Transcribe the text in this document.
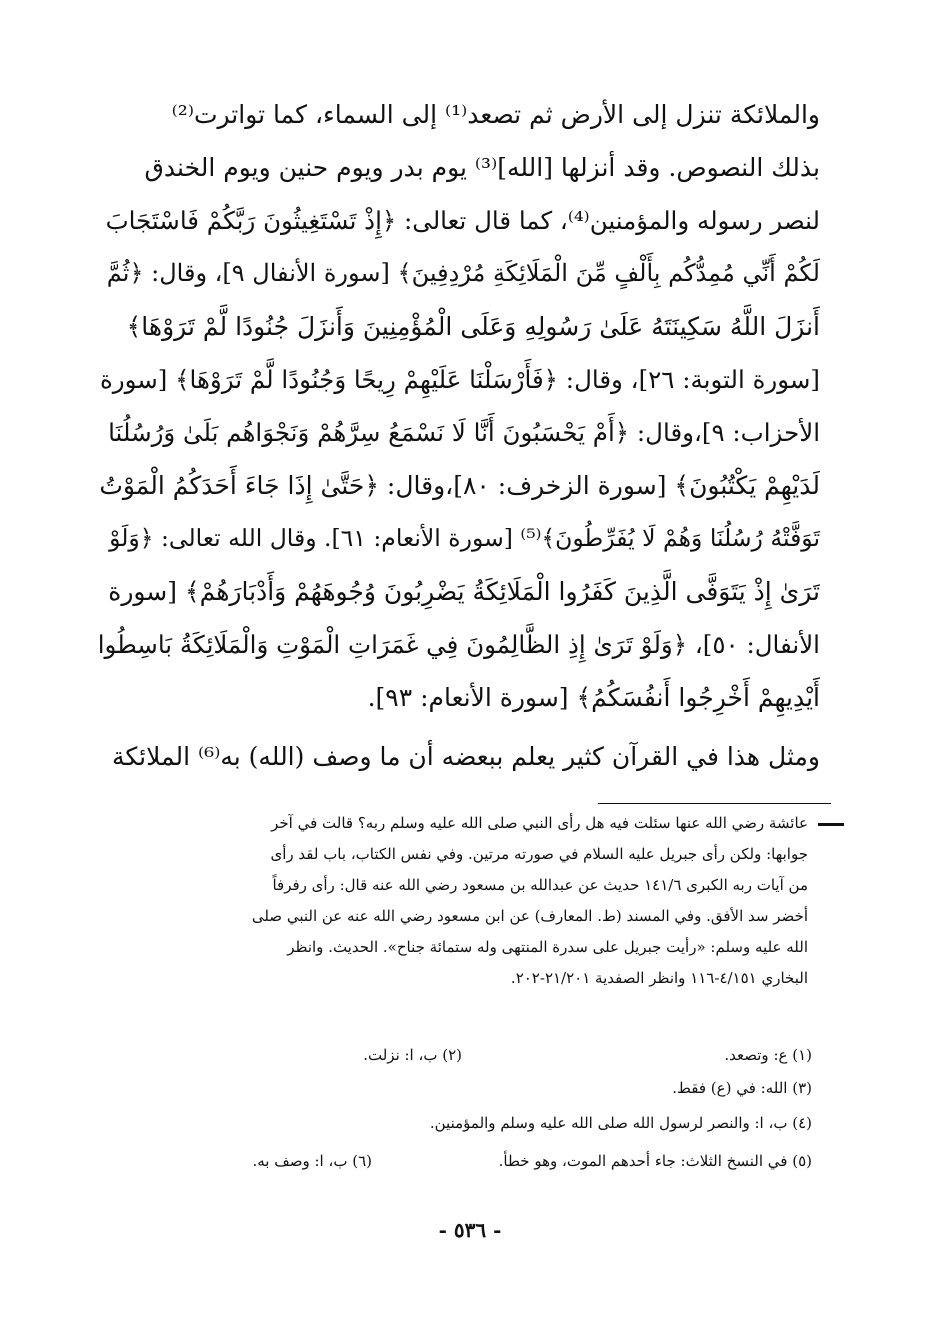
والملائكة تنزل إلى الأرض ثم تصعد⁽¹⁾ إلى السماء، كما تواترت⁽²⁾
بذلك النصوص. وقد أنزلها [الله]⁽³⁾ يوم بدر ويوم حنين ويوم الخندق
لنصر رسوله والمؤمنين⁽⁴⁾، كما قال تعالى: ﴿إِذْ تَسْتَغِيثُونَ رَبَّكُمْ فَاسْتَجَابَ
لَكُمْ أَنِّي مُمِدُّكُم بِأَلْفٍ مِّنَ الْمَلَائِكَةِ مُرْدِفِينَ﴾ [سورة الأنفال ٩]، وقال: ﴿ثُمَّ
أَنزَلَ اللَّهُ سَكِينَتَهُ عَلَىٰ رَسُولِهِ وَعَلَى الْمُؤْمِنِينَ وَأَنزَلَ جُنُودًا لَّمْ تَرَوْهَا﴾
[سورة التوبة: ٢٦]، وقال: ﴿فَأَرْسَلْنَا عَلَيْهِمْ رِيحًا وَجُنُودًا لَّمْ تَرَوْهَا﴾ [سورة
الأحزاب: ٩]،وقال: ﴿أَمْ يَحْسَبُونَ أَنَّا لَا نَسْمَعُ سِرَّهُمْ وَنَجْوَاهُم بَلَىٰ وَرُسُلُنَا
لَدَيْهِمْ يَكْتُبُونَ﴾ [سورة الزخرف: ٨٠]،وقال: ﴿حَتَّىٰ إِذَا جَاءَ أَحَدَكُمُ الْمَوْتُ
تَوَفَّتْهُ رُسُلُنَا وَهُمْ لَا يُفَرِّطُونَ﴾⁽⁵⁾ [سورة الأنعام: ٦١]. وقال الله تعالى: ﴿وَلَوْ
تَرَىٰ إِذْ يَتَوَفَّى الَّذِينَ كَفَرُوا الْمَلَائِكَةُ يَضْرِبُونَ وُجُوهَهُمْ وَأَدْبَارَهُمْ﴾ [سورة
الأنفال: ٥٠]، ﴿وَلَوْ تَرَىٰ إِذِ الظَّالِمُونَ فِي غَمَرَاتِ الْمَوْتِ وَالْمَلَائِكَةُ بَاسِطُوا
أَيْدِيهِمْ أَخْرِجُوا أَنفُسَكُمُ﴾ [سورة الأنعام: ٩٣].
ومثل هذا في القرآن كثير يعلم ببعضه أن ما وصف (الله) به⁽⁶⁾ الملائكة
عائشة رضي الله عنها سئلت فيه هل رأى النبي صلى الله عليه وسلم ربه؟ قالت في آخر
جوابها: ولكن رأى جبريل عليه السلام في صورته مرتين. وفي نفس الكتاب، باب لقد رأى
من آيات ربه الكبرى ١٤١/٦ حديث عن عبدالله بن مسعود رضي الله عنه قال: رأى رفرفاً
أخضر سد الأفق. وفي المسند (ط. المعارف) عن ابن مسعود رضي الله عنه عن النبي صلى
الله عليه وسلم: «رأيت جبريل على سدرة المنتهى وله ستمائة جناح». الحديث. وانظر
البخاري ٤/١٥١-١١٦ وانظر الصفدية ٢١/٢٠١-٢٠٢.
(١) ع: وتصعد.
(٢) ب، ا: نزلت.
(٣) الله: في (ع) فقط.
(٤) ب، ا: والنصر لرسول الله صلى الله عليه وسلم والمؤمنين.
(٥) في النسخ الثلاث: جاء أحدهم الموت، وهو خطأ.
(٦) ب، ا: وصف به.
- ٥٣٦ -
